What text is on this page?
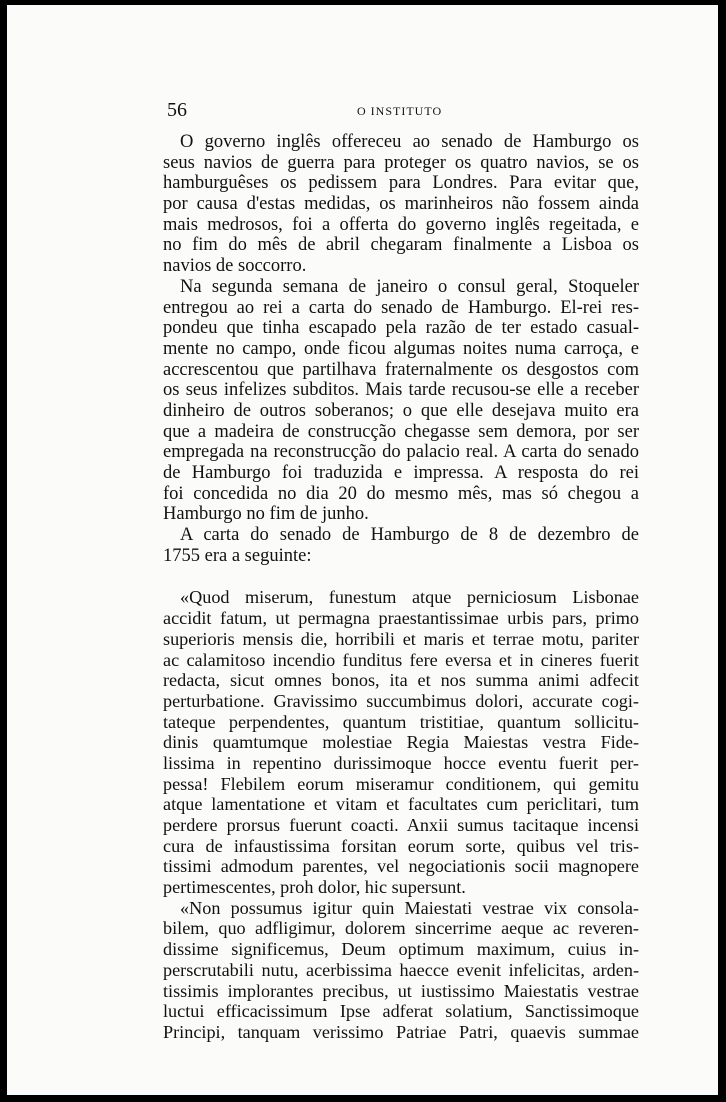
56	O INSTITUTO
O governo inglês offereceu ao senado de Hamburgo os
seus navios de guerra para proteger os quatro navios, se os
hamburguêses os pedissem para Londres. Para evitar que,
por causa d'estas medidas, os marinheiros não fossem ainda
mais medrosos, foi a offerta do governo inglês regeitada, e
no fim do mês de abril chegaram finalmente a Lisboa os
navios de soccorro.
Na segunda semana de janeiro o consul geral, Stoqueler
entregou ao rei a carta do senado de Hamburgo. El-rei res-
pondeu que tinha escapado pela razão de ter estado casual-
mente no campo, onde ficou algumas noites numa carroça, e
accrescentou que partilhava fraternalmente os desgostos com
os seus infelizes subditos. Mais tarde recusou-se elle a receber
dinheiro de outros soberanos; o que elle desejava muito era
que a madeira de construcção chegasse sem demora, por ser
empregada na reconstrucção do palacio real. A carta do senado
de Hamburgo foi traduzida e impressa. A resposta do rei
foi concedida no dia 20 do mesmo mês, mas só chegou a
Hamburgo no fim de junho.
A carta do senado de Hamburgo de 8 de dezembro de
1755 era a seguinte:
«Quod miserum, funestum atque perniciosum Lisbonae
accidit fatum, ut permagna praestantissimae urbis pars, primo
superioris mensis die, horribili et maris et terrae motu, pariter
ac calamitoso incendio funditus fere eversa et in cineres fuerit
redacta, sicut omnes bonos, ita et nos summa animi adfecit
perturbatione. Gravissimo succumbimus dolori, accurate cogi-
tateque perpendentes, quantum tristitiae, quantum sollicitu-
dinis quamtumque molestiae Regia Maiestas vestra Fide-
lissima in repentino durissimoque hocce eventu fuerit per-
pessa! Flebilem eorum miseramur conditionem, qui gemitu
atque lamentatione et vitam et facultates cum periclitari, tum
perdere prorsus fuerunt coacti. Anxii sumus tacitaque incensi
cura de infaustissima forsitan eorum sorte, quibus vel tris-
tissimi admodum parentes, vel negociationis socii magnopere
pertimescentes, proh dolor, hic supersunt.
«Non possumus igitur quin Maiestati vestrae vix consola-
bilem, quo adfligimur, dolorem sincerrime aeque ac reveren-
dissime significemus, Deum optimum maximum, cuius in-
perscrutabili nutu, acerbissima haecce evenit infelicitas, arden-
tissimis implorantes precibus, ut iustissimo Maiestatis vestrae
luctui efficacissimum Ipse adferat solatium, Sanctissimoque
Principi, tanquam verissimo Patriae Patri, quaevis summae
